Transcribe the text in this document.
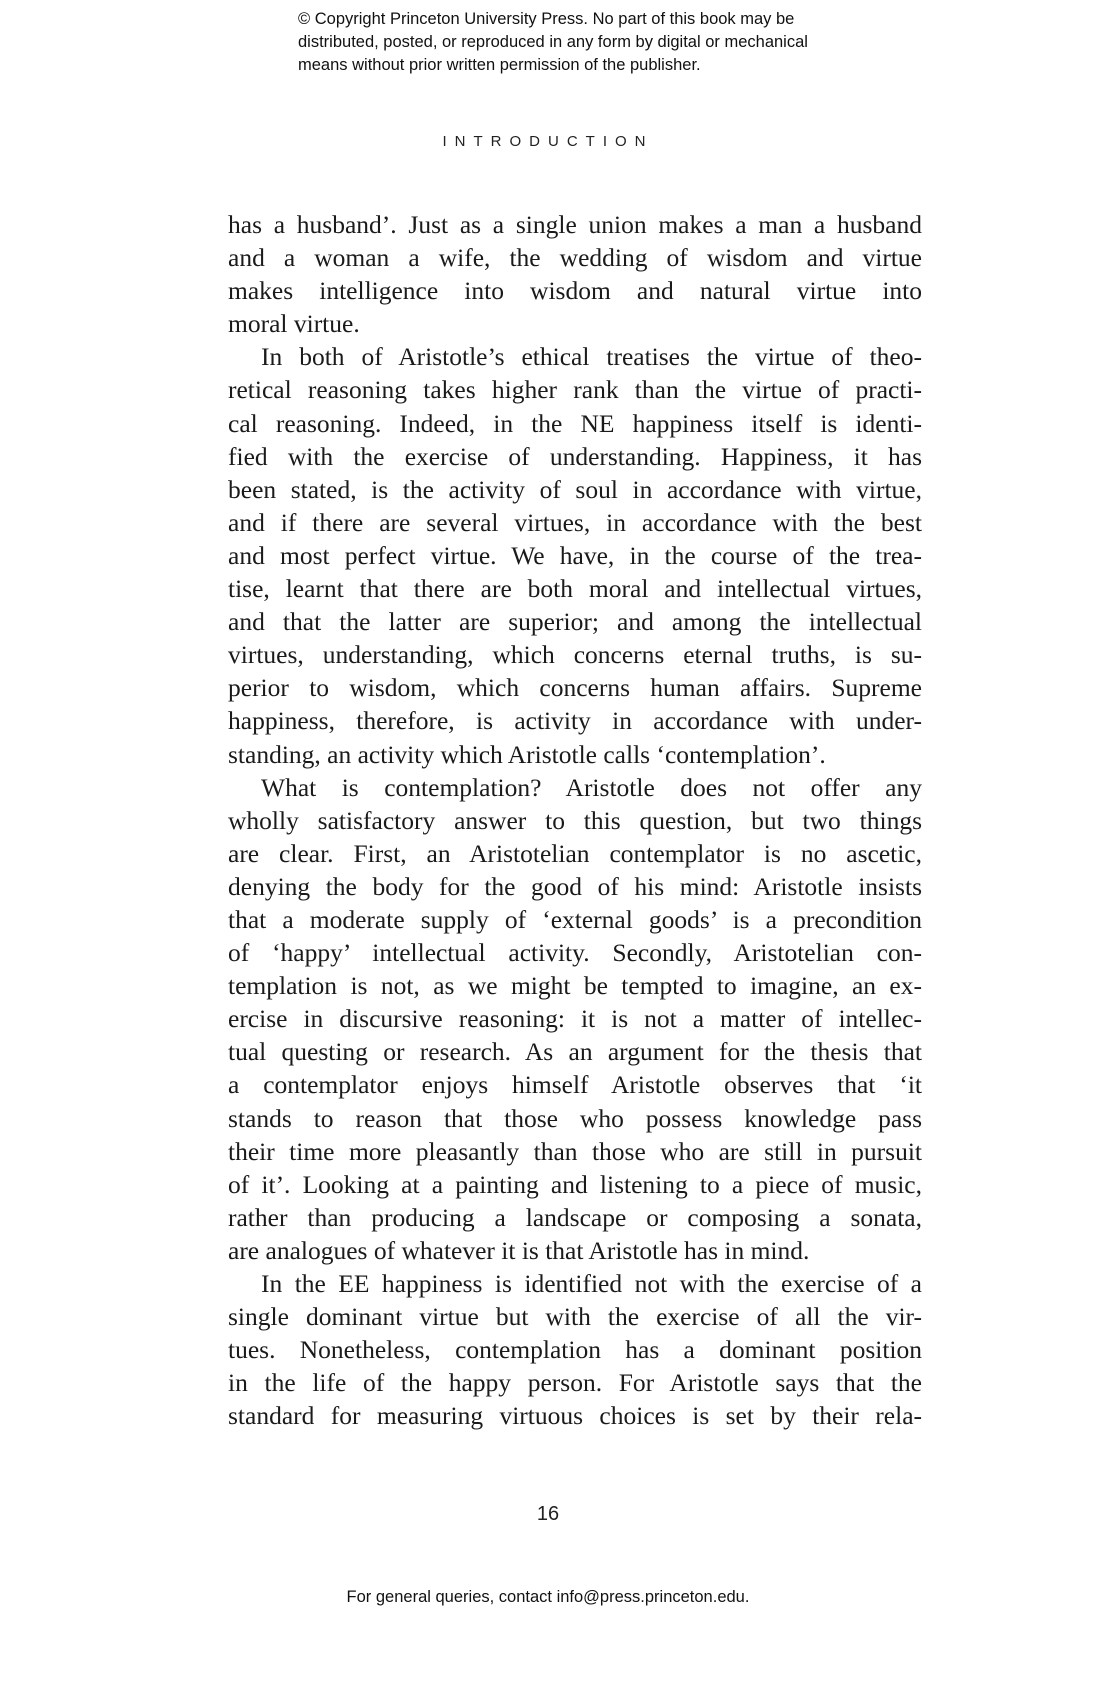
© Copyright Princeton University Press. No part of this book may be
distributed, posted, or reproduced in any form by digital or mechanical
means without prior written permission of the publisher.
INTRODUCTION
has a husband’. Just as a single union makes a man a husband
and a woman a wife, the wedding of wisdom and virtue
makes intelligence into wisdom and natural virtue into
moral virtue.
In both of Aristotle’s ethical treatises the virtue of theo-
retical reasoning takes higher rank than the virtue of practi-
cal reasoning. Indeed, in the NE happiness itself is identi-
fied with the exercise of understanding. Happiness, it has
been stated, is the activity of soul in accordance with virtue,
and if there are several virtues, in accordance with the best
and most perfect virtue. We have, in the course of the trea-
tise, learnt that there are both moral and intellectual virtues,
and that the latter are superior; and among the intellectual
virtues, understanding, which concerns eternal truths, is su-
perior to wisdom, which concerns human affairs. Supreme
happiness, therefore, is activity in accordance with under-
standing, an activity which Aristotle calls ‘contemplation’.
What is contemplation? Aristotle does not offer any
wholly satisfactory answer to this question, but two things
are clear. First, an Aristotelian contemplator is no ascetic,
denying the body for the good of his mind: Aristotle insists
that a moderate supply of ‘external goods’ is a precondition
of ‘happy’ intellectual activity. Secondly, Aristotelian con-
templation is not, as we might be tempted to imagine, an ex-
ercise in discursive reasoning: it is not a matter of intellec-
tual questing or research. As an argument for the thesis that
a contemplator enjoys himself Aristotle observes that ‘it
stands to reason that those who possess knowledge pass
their time more pleasantly than those who are still in pursuit
of it’. Looking at a painting and listening to a piece of music,
rather than producing a landscape or composing a sonata,
are analogues of whatever it is that Aristotle has in mind.
In the EE happiness is identified not with the exercise of a
single dominant virtue but with the exercise of all the vir-
tues. Nonetheless, contemplation has a dominant position
in the life of the happy person. For Aristotle says that the
standard for measuring virtuous choices is set by their rela-
16
For general queries, contact info@press.princeton.edu.
